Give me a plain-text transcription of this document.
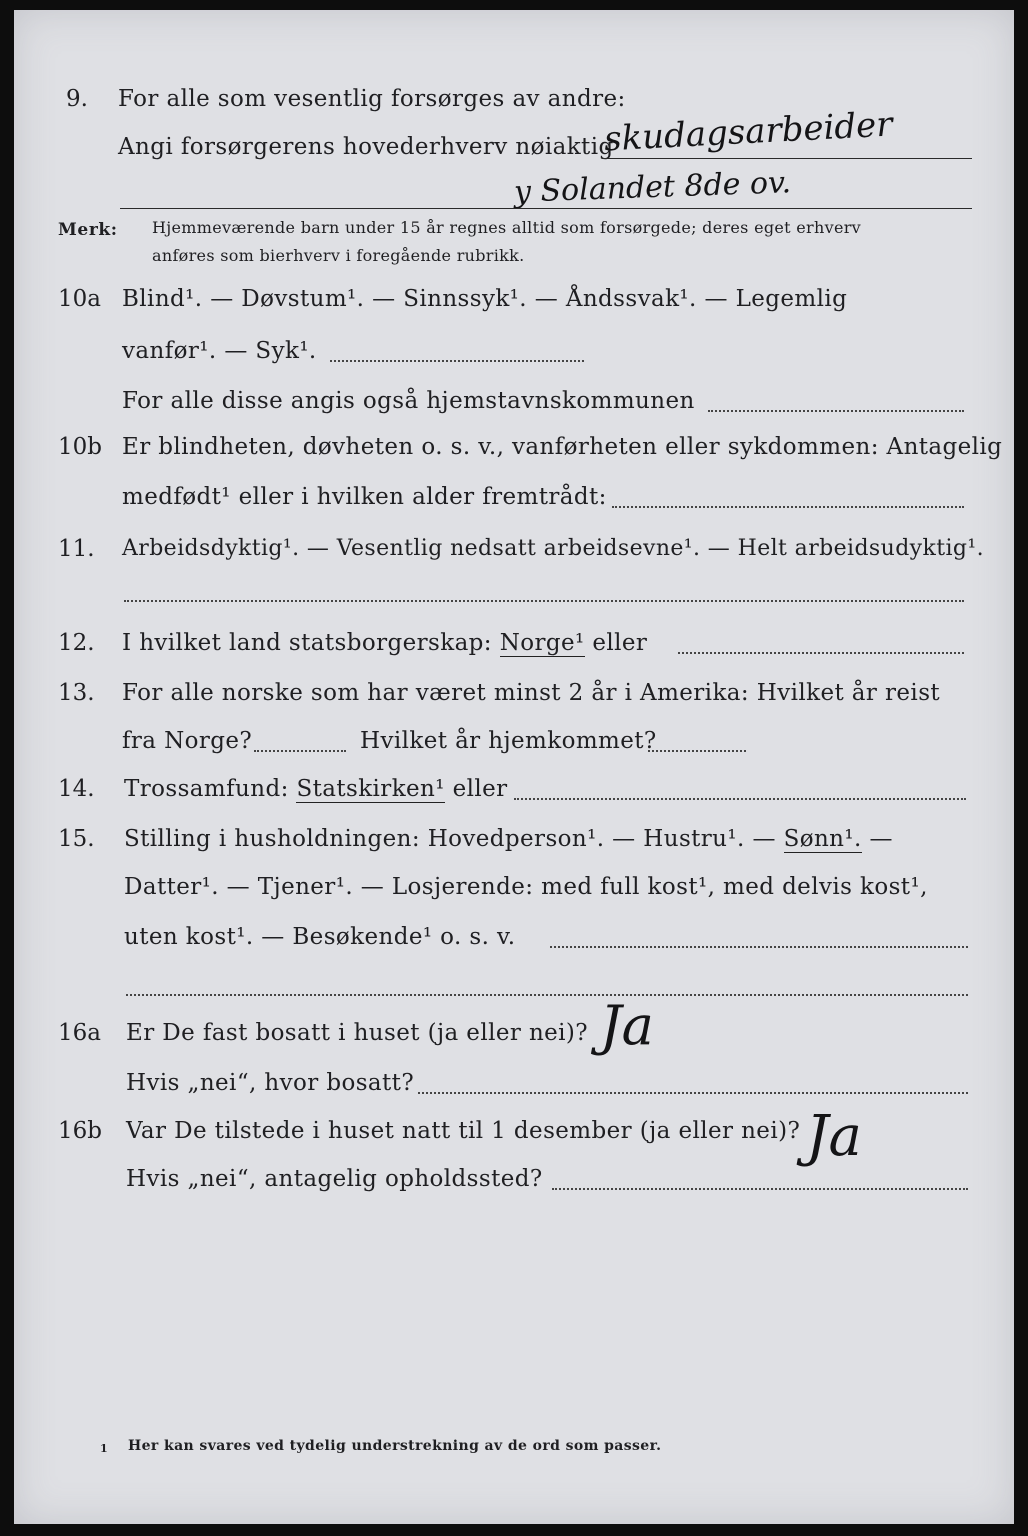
9. For alle som vesentlig forsørges av andre:
Angi forsørgerens hovederhverv nøiaktig
skudagsarbeider
y Solandet 8de ov.
Merk: Hjemmeværende barn under 15 år regnes alltid som forsørgede; deres eget erhverv
anføres som bierhverv i foregående rubrikk.
10a Blind¹. — Døvstum¹. — Sinnssyk¹. — Åndssvak¹. — Legemlig
vanfør¹. — Syk¹.
For alle disse angis også hjemstavnskommunen
10b Er blindheten, døvheten o. s. v., vanførheten eller sykdommen: Antagelig
medfødt¹ eller i hvilken alder fremtrådt:
11. Arbeidsdyktig¹. — Vesentlig nedsatt arbeidsevne¹. — Helt arbeidsudyktig¹.
12. I hvilket land statsborgerskap: Norge¹ eller
13. For alle norske som har været minst 2 år i Amerika: Hvilket år reist
fra Norge?	Hvilket år hjemkommet?
14. Trossamfund: Statskirken¹ eller
15. Stilling i husholdningen: Hovedperson¹. — Hustru¹. — Sønn¹. —
Datter¹. — Tjener¹. — Losjerende: med full kost¹, med delvis kost¹,
uten kost¹. — Besøkende¹ o. s. v.
16a Er De fast bosatt i huset (ja eller nei)? Ja
Hvis „nei“, hvor bosatt?
16b Var De tilstede i huset natt til 1 desember (ja eller nei)? Ja
Hvis „nei“, antagelig opholdssted?
1 Her kan svares ved tydelig understrekning av de ord som passer.
